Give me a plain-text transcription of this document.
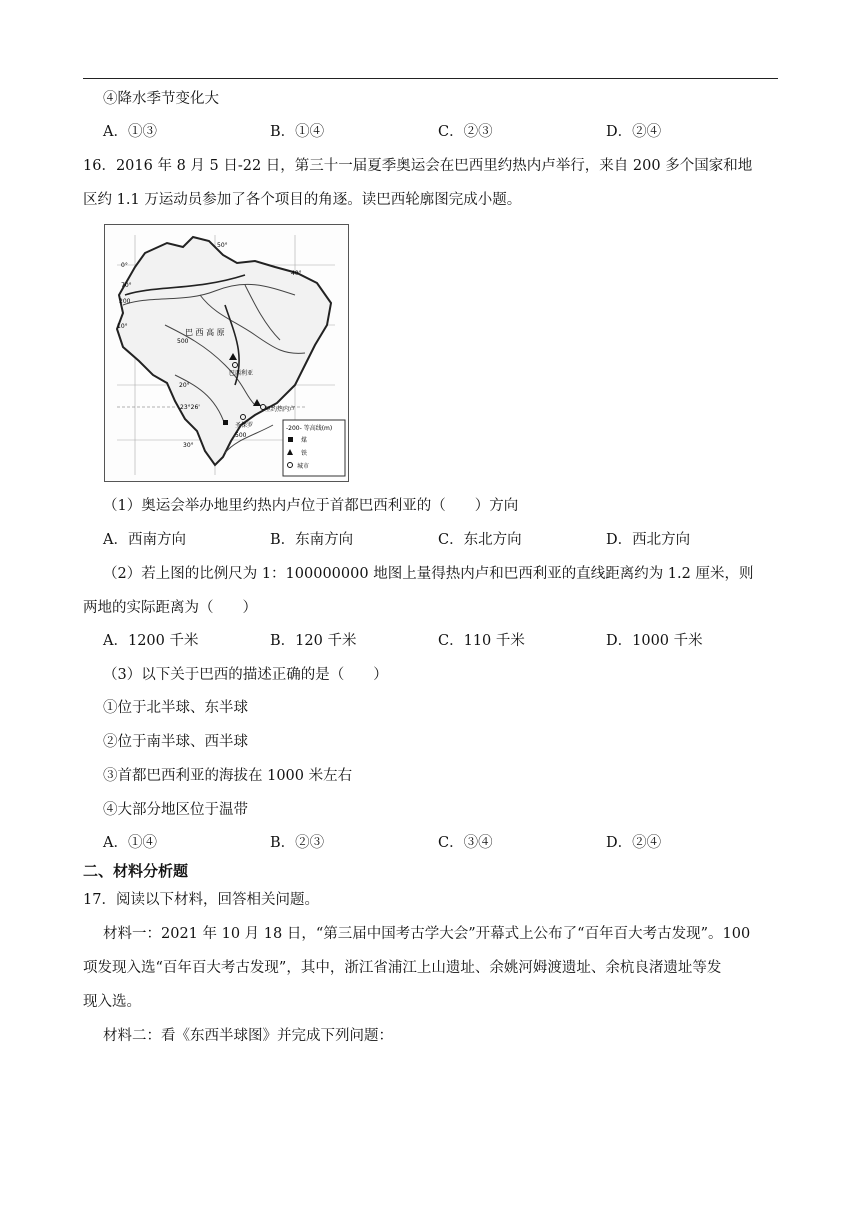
④降水季节变化大
A．①③	B．①④	C．②③	D．②④
16．2016 年 8 月 5 日-22 日，第三十一届夏季奥运会在巴西里约热内卢举行，来自 200 多个国家和地
区约 1.1 万运动员参加了各个项目的角逐。读巴西轮廓图完成小题。
-200- 等高线(m)
煤
铁
城市
0°
10°
20°
23°26'
30°
70°
50°
40°
200
500
500
巴 西 高 原
巴西利亚
里约热内卢
圣保罗
（1）奥运会举办地里约热内卢位于首都巴西利亚的（　　）方向
A．西南方向	B．东南方向	C．东北方向	D．西北方向
（2）若上图的比例尺为 1：100000000 地图上量得热内卢和巴西利亚的直线距离约为 1.2 厘米，则
两地的实际距离为（　　）
A．1200 千米	B．120 千米	C．110 千米	D．1000 千米
（3）以下关于巴西的描述正确的是（　　）
①位于北半球、东半球
②位于南半球、西半球
③首都巴西利亚的海拔在 1000 米左右
④大部分地区位于温带
A．①④	B．②③	C．③④	D．②④
二、材料分析题
17．阅读以下材料，回答相关问题。
材料一：2021 年 10 月 18 日，“第三届中国考古学大会”开幕式上公布了“百年百大考古发现”。100
项发现入选“百年百大考古发现”，其中，浙江省浦江上山遗址、余姚河姆渡遗址、余杭良渚遗址等发
现入选。
材料二：看《东西半球图》并完成下列问题：
